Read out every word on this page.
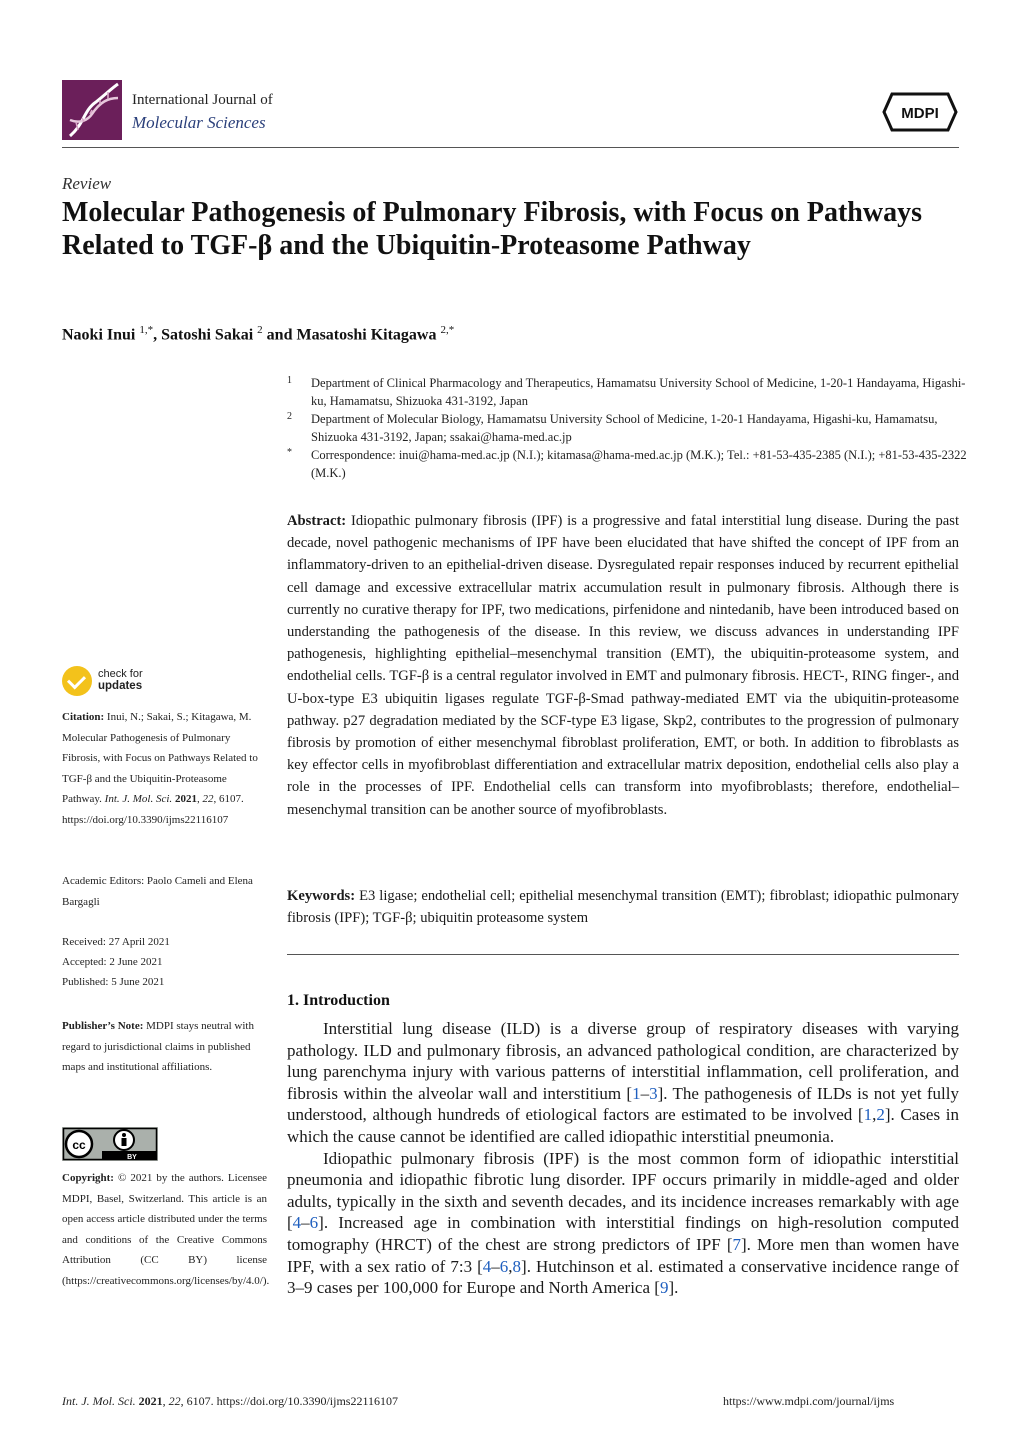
International Journal of
Molecular Sciences	MDPI
Review
Molecular Pathogenesis of Pulmonary Fibrosis, with Focus on Pathways Related to TGF-β and the Ubiquitin-Proteasome Pathway
Naoki Inui $^{1,*}$, Satoshi Sakai $^2$ and Masatoshi Kitagawa $^{2,*}$
1 Department of Clinical Pharmacology and Therapeutics, Hamamatsu University School of Medicine, 1-20-1 Handayama, Higashi-ku, Hamamatsu, Shizuoka 431-3192, Japan
2 Department of Molecular Biology, Hamamatsu University School of Medicine, 1-20-1 Handayama, Higashi-ku, Hamamatsu, Shizuoka 431-3192, Japan; ssakai@hama-med.ac.jp
* Correspondence: inui@hama-med.ac.jp (N.I.); kitamasa@hama-med.ac.jp (M.K.); Tel.: +81-53-435-2385 (N.I.); +81-53-435-2322 (M.K.)
Abstract: Idiopathic pulmonary fibrosis (IPF) is a progressive and fatal interstitial lung disease. During the past decade, novel pathogenic mechanisms of IPF have been elucidated that have shifted the concept of IPF from an inflammatory-driven to an epithelial-driven disease. Dysregulated repair responses induced by recurrent epithelial cell damage and excessive extracellular matrix accumulation result in pulmonary fibrosis. Although there is currently no curative therapy for IPF, two medications, pirfenidone and nintedanib, have been introduced based on understanding the pathogenesis of the disease. In this review, we discuss advances in understanding IPF pathogenesis, highlighting epithelial–mesenchymal transition (EMT), the ubiquitin-proteasome system, and endothelial cells. TGF-β is a central regulator involved in EMT and pulmonary fibrosis. HECT-, RING finger-, and U-box-type E3 ubiquitin ligases regulate TGF-β-Smad pathway-mediated EMT via the ubiquitin-proteasome pathway. p27 degradation mediated by the SCF-type E3 ligase, Skp2, contributes to the progression of pulmonary fibrosis by promotion of either mesenchymal fibroblast proliferation, EMT, or both. In addition to fibroblasts as key effector cells in myofibroblast differentiation and extracellular matrix deposition, endothelial cells also play a role in the processes of IPF. Endothelial cells can transform into myofibroblasts; therefore, endothelial–mesenchymal transition can be another source of myofibroblasts.
Keywords: E3 ligase; endothelial cell; epithelial mesenchymal transition (EMT); fibroblast; idiopathic pulmonary fibrosis (IPF); TGF-β; ubiquitin proteasome system
1. Introduction

Interstitial lung disease (ILD) is a diverse group of respiratory diseases with varying pathology. ILD and pulmonary fibrosis, an advanced pathological condition, are characterized by lung parenchyma injury with various patterns of interstitial inflammation, cell proliferation, and fibrosis within the alveolar wall and interstitium [1–3]. The pathogenesis of ILDs is not yet fully understood, although hundreds of etiological factors are estimated to be involved [1,2]. Cases in which the cause cannot be identified are called idiopathic interstitial pneumonia.

Idiopathic pulmonary fibrosis (IPF) is the most common form of idiopathic interstitial pneumonia and idiopathic fibrotic lung disorder. IPF occurs primarily in middle-aged and older adults, typically in the sixth and seventh decades, and its incidence increases remarkably with age [4–6]. Increased age in combination with interstitial findings on high-resolution computed tomography (HRCT) of the chest are strong predictors of IPF [7]. More men than women have IPF, with a sex ratio of 7:3 [4–6,8]. Hutchinson et al. estimated a conservative incidence range of 3–9 cases per 100,000 for Europe and North America [9].

check for
updates
Citation: Inui, N.; Sakai, S.; Kitagawa, M. Molecular Pathogenesis of Pulmonary Fibrosis, with Focus on Pathways Related to TGF-β and the Ubiquitin-Proteasome Pathway. Int. J. Mol. Sci. 2021, 22, 6107. https://doi.org/10.3390/ijms22116107
Academic Editors: Paolo Cameli and Elena Bargagli
Received: 27 April 2021
Accepted: 2 June 2021
Published: 5 June 2021
Publisher’s Note: MDPI stays neutral with regard to jurisdictional claims in published maps and institutional affiliations.
cc
BY
Copyright: © 2021 by the authors. Licensee MDPI, Basel, Switzerland. This article is an open access article distributed under the terms and conditions of the Creative Commons Attribution (CC BY) license (https://creativecommons.org/licenses/by/4.0/).
Int. J. Mol. Sci. 2021, 22, 6107. https://doi.org/10.3390/ijms22116107	https://www.mdpi.com/journal/ijms
